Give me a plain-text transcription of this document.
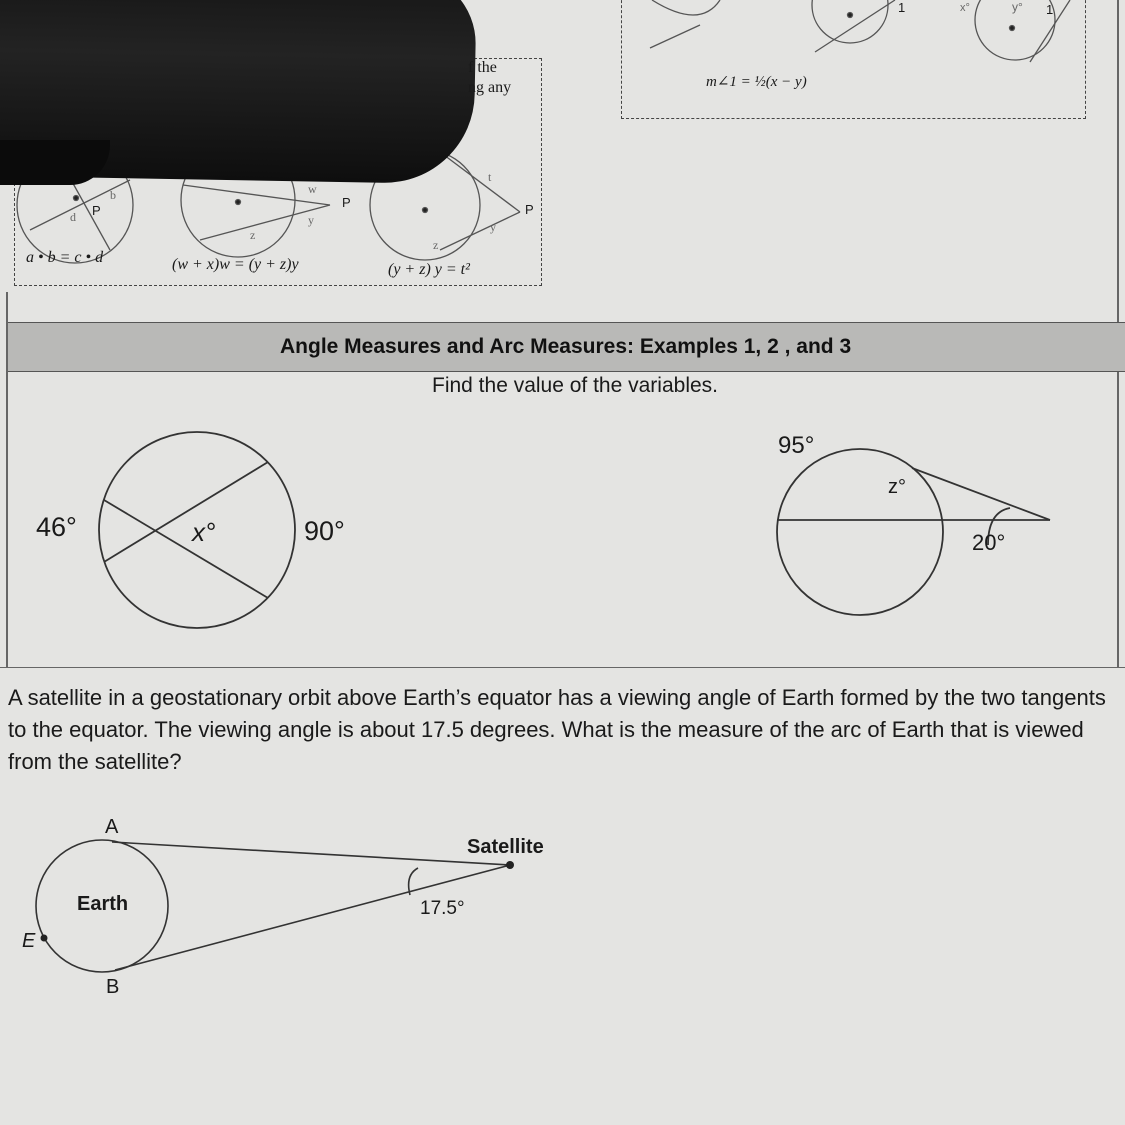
f the
ng any
b
d P
w
P
y
z
t
P
y
z
1	x°	y° 1
a • b = c • d	(w + x)w = (y + z)y	(y + z) y = t²
m∠1 = ½(x − y)
Angle Measures and Arc Measures: Examples 1, 2 , and 3
Find the value of the variables.
46°	x°	90°
95°
z°
20°
A satellite in a geostationary orbit above Earth’s equator has a viewing angle of Earth formed by the two tangents to the equator. The viewing angle is about 17.5 degrees. What is the measure of the arc of Earth that is viewed from the satellite?
A
B
E
Earth
Satellite
17.5°
